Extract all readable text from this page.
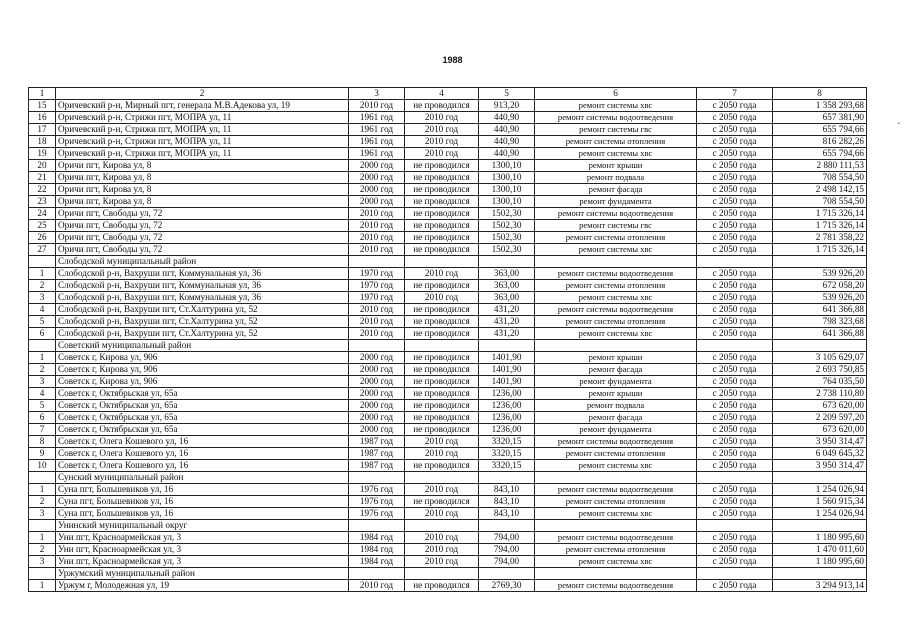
1988
·
1	2	3	4	5	6	7	8
15	Оричевский р-н, Мирный пгт, генерала М.В.Адекова ул, 19	2010 год	не проводился	913,20	ремонт системы хвс	с 2050 года	1 358 293,68
16	Оричевский р-н, Стрижи пгт, МОПРА ул, 11	1961 год	2010 год	440,90	ремонт системы водоотведения	с 2050 года	657 381,90
17	Оричевский р-н, Стрижи пгт, МОПРА ул, 11	1961 год	2010 год	440,90	ремонт системы гвс	с 2050 года	655 794,66
18	Оричевский р-н, Стрижи пгт, МОПРА ул, 11	1961 год	2010 год	440,90	ремонт системы отопления	с 2050 года	816 282,26
19	Оричевский р-н, Стрижи пгт, МОПРА ул, 11	1961 год	2010 год	440,90	ремонт системы хвс	с 2050 года	655 794,66
20	Оричи пгт, Кирова ул, 8	2000 год	не проводился	1300,10	ремонт крыши	с 2050 года	2 880 111,53
21	Оричи пгт, Кирова ул, 8	2000 год	не проводился	1300,10	ремонт подвала	с 2050 года	708 554,50
22	Оричи пгт, Кирова ул, 8	2000 год	не проводился	1300,10	ремонт фасада	с 2050 года	2 498 142,15
23	Оричи пгт, Кирова ул, 8	2000 год	не проводился	1300,10	ремонт фундамента	с 2050 года	708 554,50
24	Оричи пгт, Свободы ул, 72	2010 год	не проводился	1502,30	ремонт системы водоотведения	с 2050 года	1 715 326,14
25	Оричи пгт, Свободы ул, 72	2010 год	не проводился	1502,30	ремонт системы гвс	с 2050 года	1 715 326,14
26	Оричи пгт, Свободы ул, 72	2010 год	не проводился	1502,30	ремонт системы отопления	с 2050 года	2 781 358,22
27	Оричи пгт, Свободы ул, 72	2010 год	не проводился	1502,30	ремонт системы хвс	с 2050 года	1 715 326,14
	Слободской муниципальный район						
1	Слободской р-н, Вахруши пгт, Коммунальная ул, 36	1970 год	2010 год	363,00	ремонт системы водоотведения	с 2050 года	539 926,20
2	Слободской р-н, Вахруши пгт, Коммунальная ул, 36	1970 год	не проводился	363,00	ремонт системы отопления	с 2050 года	672 058,20
3	Слободской р-н, Вахруши пгт, Коммунальная ул, 36	1970 год	2010 год	363,00	ремонт системы хвс	с 2050 года	539 926,20
4	Слободской р-н, Вахруши пгт, Ст.Халтурина ул, 52	2010 год	не проводился	431,20	ремонт системы водоотведения	с 2050 года	641 366,88
5	Слободской р-н, Вахруши пгт, Ст.Халтурина ул, 52	2010 год	не проводился	431,20	ремонт системы отопления	с 2050 года	798 323,68
6	Слободской р-н, Вахруши пгт, Ст.Халтурина ул, 52	2010 год	не проводился	431,20	ремонт системы хвс	с 2050 года	641 366,88
	Советский муниципальный район						
1	Советск г, Кирова ул, 906	2000 год	не проводился	1401,90	ремонт крыши	с 2050 года	3 105 629,07
2	Советск г, Кирова ул, 906	2000 год	не проводился	1401,90	ремонт фасада	с 2050 года	2 693 750,85
3	Советск г, Кирова ул, 906	2000 год	не проводился	1401,90	ремонт фундамента	с 2050 года	764 035,50
4	Советск г, Октябрьская ул, 65а	2000 год	не проводился	1236,00	ремонт крыши	с 2050 года	2 738 110,80
5	Советск г, Октябрьская ул, 65а	2000 год	не проводился	1236,00	ремонт подвала	с 2050 года	673 620,00
6	Советск г, Октябрьская ул, 65а	2000 год	не проводился	1236,00	ремонт фасада	с 2050 года	2 209 597,20
7	Советск г, Октябрьская ул, 65а	2000 год	не проводился	1236,00	ремонт фундамента	с 2050 года	673 620,00
8	Советск г, Олега Кошевого ул, 16	1987 год	2010 год	3320,15	ремонт системы водоотведения	с 2050 года	3 950 314,47
9	Советск г, Олега Кошевого ул, 16	1987 год	2010 год	3320,15	ремонт системы отопления	с 2050 года	6 049 645,32
10	Советск г, Олега Кошевого ул, 16	1987 год	не проводился	3320,15	ремонт системы хвс	с 2050 года	3 950 314,47
	Сунский муниципальный район						
1	Суна пгт, Большевиков ул, 16	1976 год	2010 год	843,10	ремонт системы водоотведения	с 2050 года	1 254 026,94
2	Суна пгт, Большевиков ул, 16	1976 год	не проводился	843,10	ремонт системы отопления	с 2050 года	1 560 915,34
3	Суна пгт, Большевиков ул, 16	1976 год	2010 год	843,10	ремонт системы хвс	с 2050 года	1 254 026,94
	Унинский муниципальный округ						
1	Уни пгт, Красноармейская ул, 3	1984 год	2010 год	794,00	ремонт системы водоотведения	с 2050 года	1 180 995,60
2	Уни пгт, Красноармейская ул, 3	1984 год	2010 год	794,00	ремонт системы отопления	с 2050 года	1 470 011,60
3	Уни пгт, Красноармейская ул, 3	1984 год	2010 год	794,00	ремонт системы хвс	с 2050 года	1 180 995,60
	Уржумский муниципальный район						
1	Уржум г, Молодежная ул, 19	2010 год	не проводился	2769,30	ремонт системы водоотведения	с 2050 года	3 294 913,14
